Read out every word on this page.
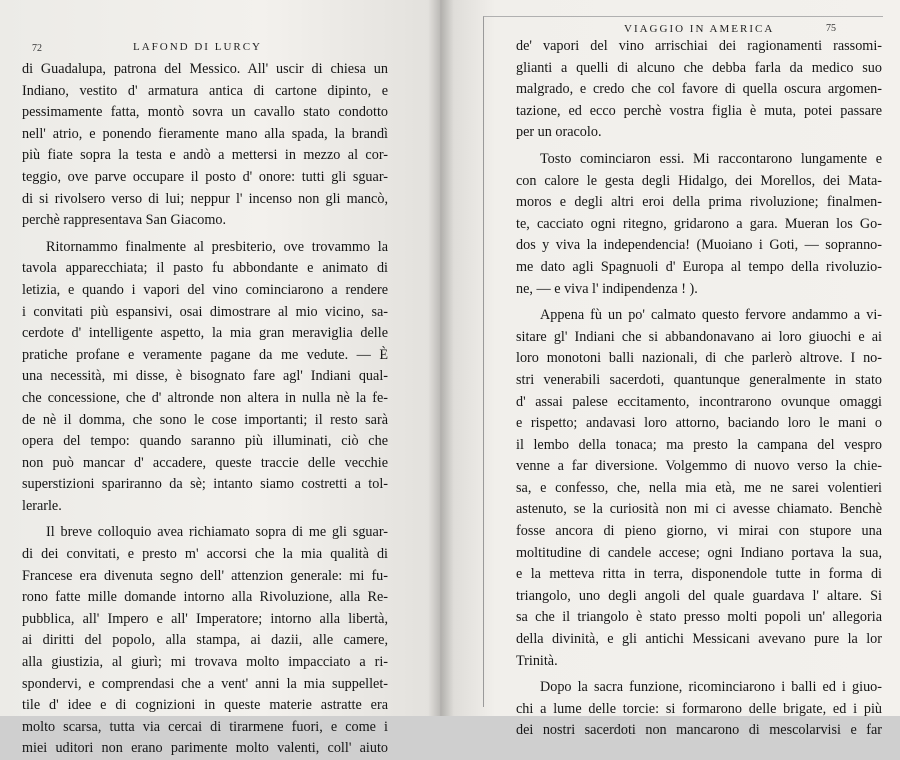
72	LAFOND DI LURCY

di Guadalupa, patrona del Messico. All' uscir di chiesa un

Indiano, vestito d' armatura antica di cartone dipinto, e

pessimamente fatta, montò sovra un cavallo stato condotto

nell' atrio, e ponendo fieramente mano alla spada, la brandì

più fiate sopra la testa e andò a mettersi in mezzo al cor-

teggio, ove parve occupare il posto d' onore: tutti gli sguar-

di si rivolsero verso di lui; neppur l' incenso non gli mancò,

perchè rappresentava San Giacomo.

Ritornammo finalmente al presbiterio, ove trovammo la

tavola apparecchiata; il pasto fu abbondante e animato di

letizia, e quando i vapori del vino cominciarono a rendere

i convitati più espansivi, osai dimostrare al mio vicino, sa-

cerdote d' intelligente aspetto, la mia gran meraviglia delle

pratiche profane e veramente pagane da me vedute. — È

una necessità, mi disse, è bisognato fare agl' Indiani qual-

che concessione, che d' altronde non altera in nulla nè la fe-

de nè il domma, che sono le cose importanti; il resto sarà

opera del tempo: quando saranno più illuminati, ciò che

non può mancar d' accadere, queste traccie delle vecchie

superstizioni spariranno da sè; intanto siamo costretti a tol-

lerarle.

Il breve colloquio avea richiamato sopra di me gli sguar-

di dei convitati, e presto m' accorsi che la mia qualità di

Francese era divenuta segno dell' attenzion generale: mi fu-

rono fatte mille domande intorno alla Rivoluzione, alla Re-

pubblica, all' Impero e all' Imperatore; intorno alla libertà,

ai diritti del popolo, alla stampa, ai dazii, alle camere,

alla giustizia, al giurì; mi trovava molto impacciato a ri-

spondervi, e comprendasi che a vent' anni la mia suppellet-

tile d' idee e di cognizioni in queste materie astratte era

molto scarsa, tutta via cercai di tirarmene fuori, e come i

miei uditori non erano parimente molto valenti, coll' aiuto

VIAGGIO IN AMERICA	75

de' vapori del vino arrischiai dei ragionamenti rassomi-

glianti a quelli di alcuno che debba farla da medico suo

malgrado, e credo che col favore di quella oscura argomen-

tazione, ed ecco perchè vostra figlia è muta, potei passare

per un oracolo.

Tosto cominciaron essi. Mi raccontarono lungamente e

con calore le gesta degli Hidalgo, dei Morellos, dei Mata-

moros e degli altri eroi della prima rivoluzione; finalmen-

te, cacciato ogni ritegno, gridarono a gara. Mueran los Go-

dos y viva la independencia! (Muoiano i Goti, — sopranno-

me dato agli Spagnuoli d' Europa al tempo della rivoluzio-

ne, — e viva l' indipendenza ! ).

Appena fù un po' calmato questo fervore andammo a vi-

sitare gl' Indiani che si abbandonavano ai loro giuochi e ai

loro monotoni balli nazionali, di che parlerò altrove. I no-

stri venerabili sacerdoti, quantunque generalmente in stato

d' assai palese eccitamento, incontrarono ovunque omaggi

e rispetto; andavasi loro attorno, baciando loro le mani o

il lembo della tonaca; ma presto la campana del vespro

venne a far diversione. Volgemmo di nuovo verso la chie-

sa, e confesso, che, nella mia età, me ne sarei volentieri

astenuto, se la curiosità non mi ci avesse chiamato. Benchè

fosse ancora di pieno giorno, vi mirai con stupore una

moltitudine di candele accese; ogni Indiano portava la sua,

e la metteva ritta in terra, disponendole tutte in forma di

triangolo, uno degli angoli del quale guardava l' altare. Si

sa che il triangolo è stato presso molti popoli un' allegoria

della divinità, e gli antichi Messicani avevano pure la lor

Trinità.

Dopo la sacra funzione, ricominciarono i balli ed i giuo-

chi a lume delle torcie: si formarono delle brigate, ed i più

dei nostri sacerdoti non mancarono di mescolarvisi e far
